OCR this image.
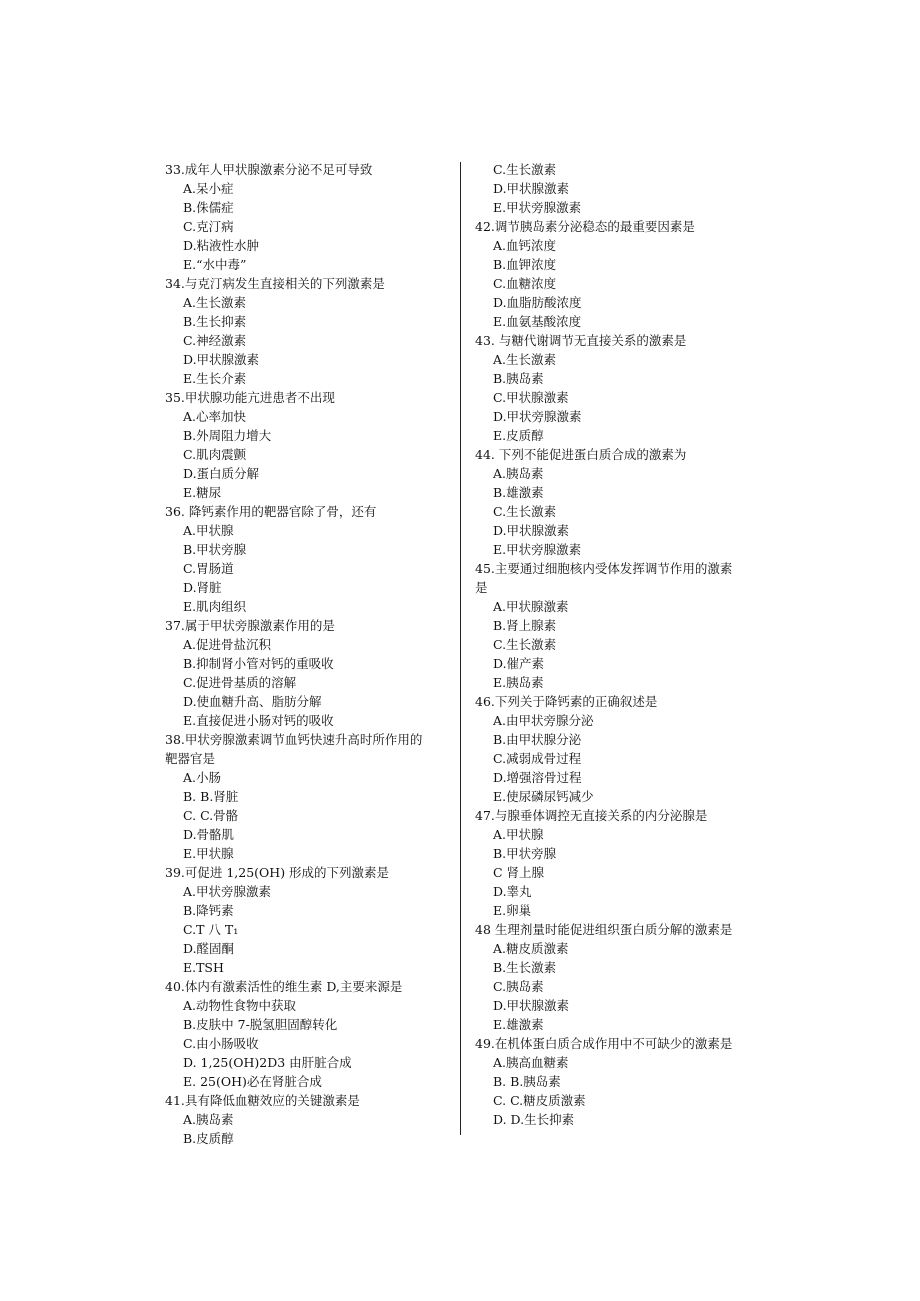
33.成年人甲状腺激素分泌不足可导致
A.呆小症
B.侏儒症
C.克汀病
D.粘液性水肿
E.“水中毒”
34.与克汀病发生直接相关的下列激素是
A.生长激素
B.生长抑素
C.神经激素
D.甲状腺激素
E.生长介素
35.甲状腺功能亢进患者不出现
A.心率加快
B.外周阻力增大
C.肌肉震颤
D.蛋白质分解
E.糖尿
36. 降钙素作用的靶器官除了骨，还有
A.甲状腺
B.甲状旁腺
C.胃肠道
D.肾脏
E.肌肉组织
37.属于甲状旁腺激素作用的是
A.促进骨盐沉积
B.抑制肾小管对钙的重吸收
C.促进骨基质的溶解
D.使血糖升高、脂肪分解
E.直接促进小肠对钙的吸收
38.甲状旁腺激素调节血钙快速升高时所作用的
靶器官是
A.小肠
B. B.肾脏
C. C.骨骼
D.骨骼肌
E.甲状腺
39.可促进 1,25(OH) 形成的下列激素是
A.甲状旁腺激素
B.降钙素
C.T 八 T₁
D.醛固酮
E.TSH
40.体内有激素活性的维生素 D,主要来源是
A.动物性食物中获取
B.皮肤中 7-脱氢胆固醇转化
C.由小肠吸收
D. 1,25(OH)2D3 由肝脏合成
E. 25(OH)必在肾脏合成
41.具有降低血糖效应的关键激素是
A.胰岛素
B.皮质醇
C.生长激素
D.甲状腺激素
E.甲状旁腺激素
42.调节胰岛素分泌稳态的最重要因素是
A.血钙浓度
B.血钾浓度
C.血糖浓度
D.血脂肪酸浓度
E.血氨基酸浓度
43. 与糖代谢调节无直接关系的激素是
A.生长激素
B.胰岛素
C.甲状腺激素
D.甲状旁腺激素
E.皮质醇
44. 下列不能促进蛋白质合成的激素为
A.胰岛素
B.雄激素
C.生长激素
D.甲状腺激素
E.甲状旁腺激素
45.主要通过细胞核内受体发挥调节作用的激素
是
A.甲状腺激素
B.肾上腺素
C.生长激素
D.催产素
E.胰岛素
46.下列关于降钙素的正确叙述是
A.由甲状旁腺分泌
B.由甲状腺分泌
C.减弱成骨过程
D.增强溶骨过程
E.使尿磷尿钙减少
47.与腺垂体调控无直接关系的内分泌腺是
A.甲状腺
B.甲状旁腺
C 肾上腺
D.睾丸
E.卵巢
48 生理剂量时能促进组织蛋白质分解的激素是
A.糖皮质激素
B.生长激素
C.胰岛素
D.甲状腺激素
E.雄激素
49.在机体蛋白质合成作用中不可缺少的激素是
A.胰高血糖素
B. B.胰岛素
C. C.糖皮质激素
D. D.生长抑素
